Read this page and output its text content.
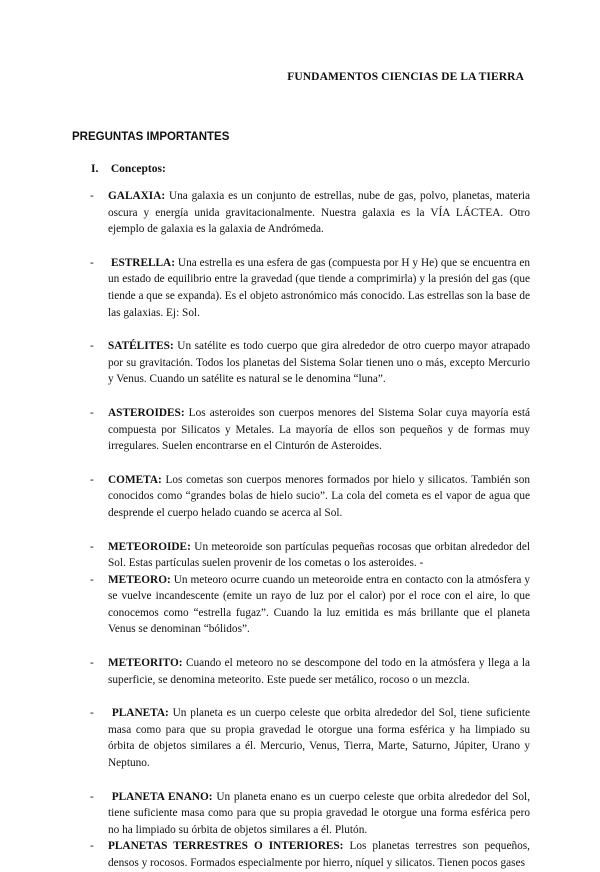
FUNDAMENTOS CIENCIAS DE LA TIERRA
PREGUNTAS IMPORTANTES
I. Conceptos:
- GALAXIA: Una galaxia es un conjunto de estrellas, nube de gas, polvo, planetas, materia oscura y energía unida gravitacionalmente. Nuestra galaxia es la VÍA LÁCTEA. Otro ejemplo de galaxia es la galaxia de Andrómeda.
- ESTRELLA: Una estrella es una esfera de gas (compuesta por H y He) que se encuentra en un estado de equilibrio entre la gravedad (que tiende a comprimirla) y la presión del gas (que tiende a que se expanda). Es el objeto astronómico más conocido. Las estrellas son la base de las galaxias. Ej: Sol.
- SATÉLITES: Un satélite es todo cuerpo que gira alrededor de otro cuerpo mayor atrapado por su gravitación. Todos los planetas del Sistema Solar tienen uno o más, excepto Mercurio y Venus. Cuando un satélite es natural se le denomina “luna”.
- ASTEROIDES: Los asteroides son cuerpos menores del Sistema Solar cuya mayoría está compuesta por Silicatos y Metales. La mayoría de ellos son pequeños y de formas muy irregulares. Suelen encontrarse en el Cinturón de Asteroides.
- COMETA: Los cometas son cuerpos menores formados por hielo y silicatos. También son conocidos como “grandes bolas de hielo sucio”. La cola del cometa es el vapor de agua que desprende el cuerpo helado cuando se acerca al Sol.
- METEOROIDE: Un meteoroide son partículas pequeñas rocosas que orbitan alrededor del Sol. Estas partículas suelen provenir de los cometas o los asteroides. -
- METEORO: Un meteoro ocurre cuando un meteoroide entra en contacto con la atmósfera y se vuelve incandescente (emite un rayo de luz por el calor) por el roce con el aire, lo que conocemos como “estrella fugaz”. Cuando la luz emitida es más brillante que el planeta Venus se denominan “bólidos”.
- METEORITO: Cuando el meteoro no se descompone del todo en la atmósfera y llega a la superficie, se denomina meteorito. Este puede ser metálico, rocoso o un mezcla.
- PLANETA: Un planeta es un cuerpo celeste que orbita alrededor del Sol, tiene suficiente masa como para que su propia gravedad le otorgue una forma esférica y ha limpiado su órbita de objetos similares a él. Mercurio, Venus, Tierra, Marte, Saturno, Júpiter, Urano y Neptuno.
- PLANETA ENANO: Un planeta enano es un cuerpo celeste que orbita alrededor del Sol, tiene suficiente masa como para que su propia gravedad le otorgue una forma esférica pero no ha limpiado su órbita de objetos similares a él. Plutón.
- PLANETAS TERRESTRES O INTERIORES: Los planetas terrestres son pequeños, densos y rocosos. Formados especialmente por hierro, níquel y silicatos. Tienen pocos gases
